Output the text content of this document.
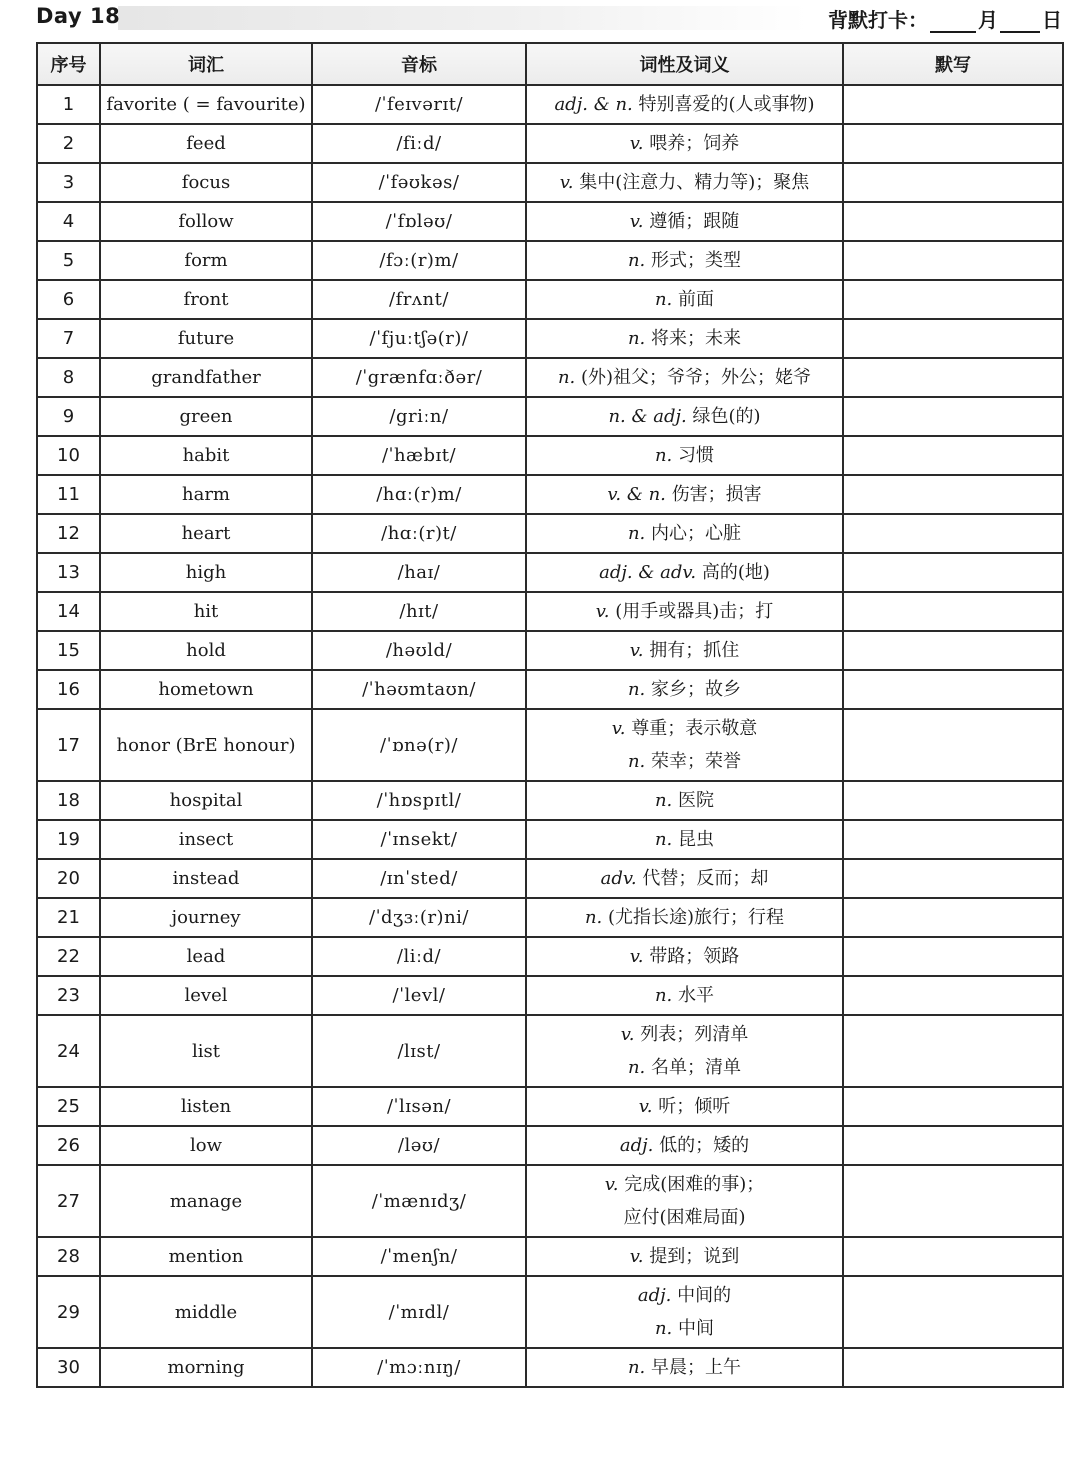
Day 18	背默打卡：	月 日
序号	词汇	音标	词性及词义	默写
1	favorite ( = favourite)	/ˈfeɪvərɪt/	adj. & n. 特别喜爱的(人或事物)	

2	feed	/fiːd/	v. 喂养；饲养	

3	focus	/ˈfəʊkəs/	v. 集中(注意力、精力等)；聚焦	

4	follow	/ˈfɒləʊ/	v. 遵循；跟随	

5	form	/fɔː(r)m/	n. 形式；类型	

6	front	/frʌnt/	n. 前面	

7	future	/ˈfjuːtʃə(r)/	n. 将来；未来	

8	grandfather	/ˈgrænfɑːðər/	n. (外)祖父；爷爷；外公；姥爷	

9	green	/griːn/	n. & adj. 绿色(的)	

10	habit	/ˈhæbɪt/	n. 习惯	

11	harm	/hɑː(r)m/	v. & n. 伤害；损害	

12	heart	/hɑː(r)t/	n. 内心；心脏	

13	high	/haɪ/	adj. & adv. 高的(地)	

14	hit	/hɪt/	v. (用手或器具)击；打	

15	hold	/həʊld/	v. 拥有；抓住	

16	hometown	/ˈhəʊmtaʊn/	n. 家乡；故乡	

17	honor (BrE honour)	/ˈɒnə(r)/	v. 尊重；表示敬意
n. 荣幸；荣誉	

18	hospital	/ˈhɒspɪtl/	n. 医院	

19	insect	/ˈɪnsekt/	n. 昆虫	

20	instead	/ɪnˈsted/	adv. 代替；反而；却	

21	journey	/ˈdʒɜː(r)ni/	n. (尤指长途)旅行；行程	

22	lead	/liːd/	v. 带路；领路	

23	level	/ˈlevl/	n. 水平	

24	list	/lɪst/	v. 列表；列清单
n. 名单；清单	

25	listen	/ˈlɪsən/	v. 听；倾听	

26	low	/ləʊ/	adj. 低的；矮的	

27	manage	/ˈmænɪdʒ/	v. 完成(困难的事)；
应付(困难局面)	

28	mention	/ˈmenʃn/	v. 提到；说到	

29	middle	/ˈmɪdl/	adj. 中间的
n. 中间	

30	morning	/ˈmɔːnɪŋ/	n. 早晨；上午	
